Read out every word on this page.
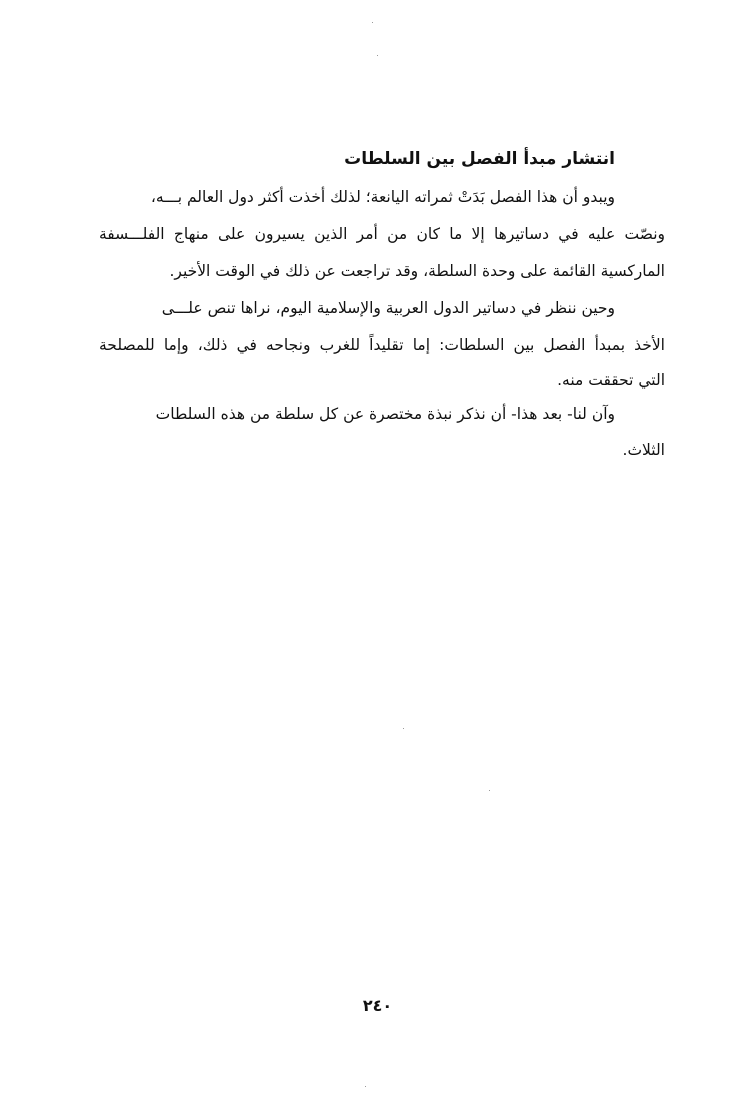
انتشار مبدأ الفصل بين السلطات
ويبدو أن هذا الفصل بَدَتْ ثمراته اليانعة؛ لذلك أخذت أكثر دول العالم بـــه،
ونصّت عليه في دساتيرها إلا ما كان من أمر الذين يسيرون على منهاج الفلـــسفة
الماركسية القائمة على وحدة السلطة، وقد تراجعت عن ذلك في الوقت الأخير.
وحين ننظر في دساتير الدول العربية والإسلامية اليوم، نراها تنص علـــى
الأخذ بمبدأ الفصل بين السلطات: إما تقليداً للغرب ونجاحه في ذلك، وإما للمصلحة
التي تحققت منه.
وآن لنا- بعد هذا- أن نذكر نبذة مختصرة عن كل سلطة من هذه السلطات
الثلاث.
٢٤٠
